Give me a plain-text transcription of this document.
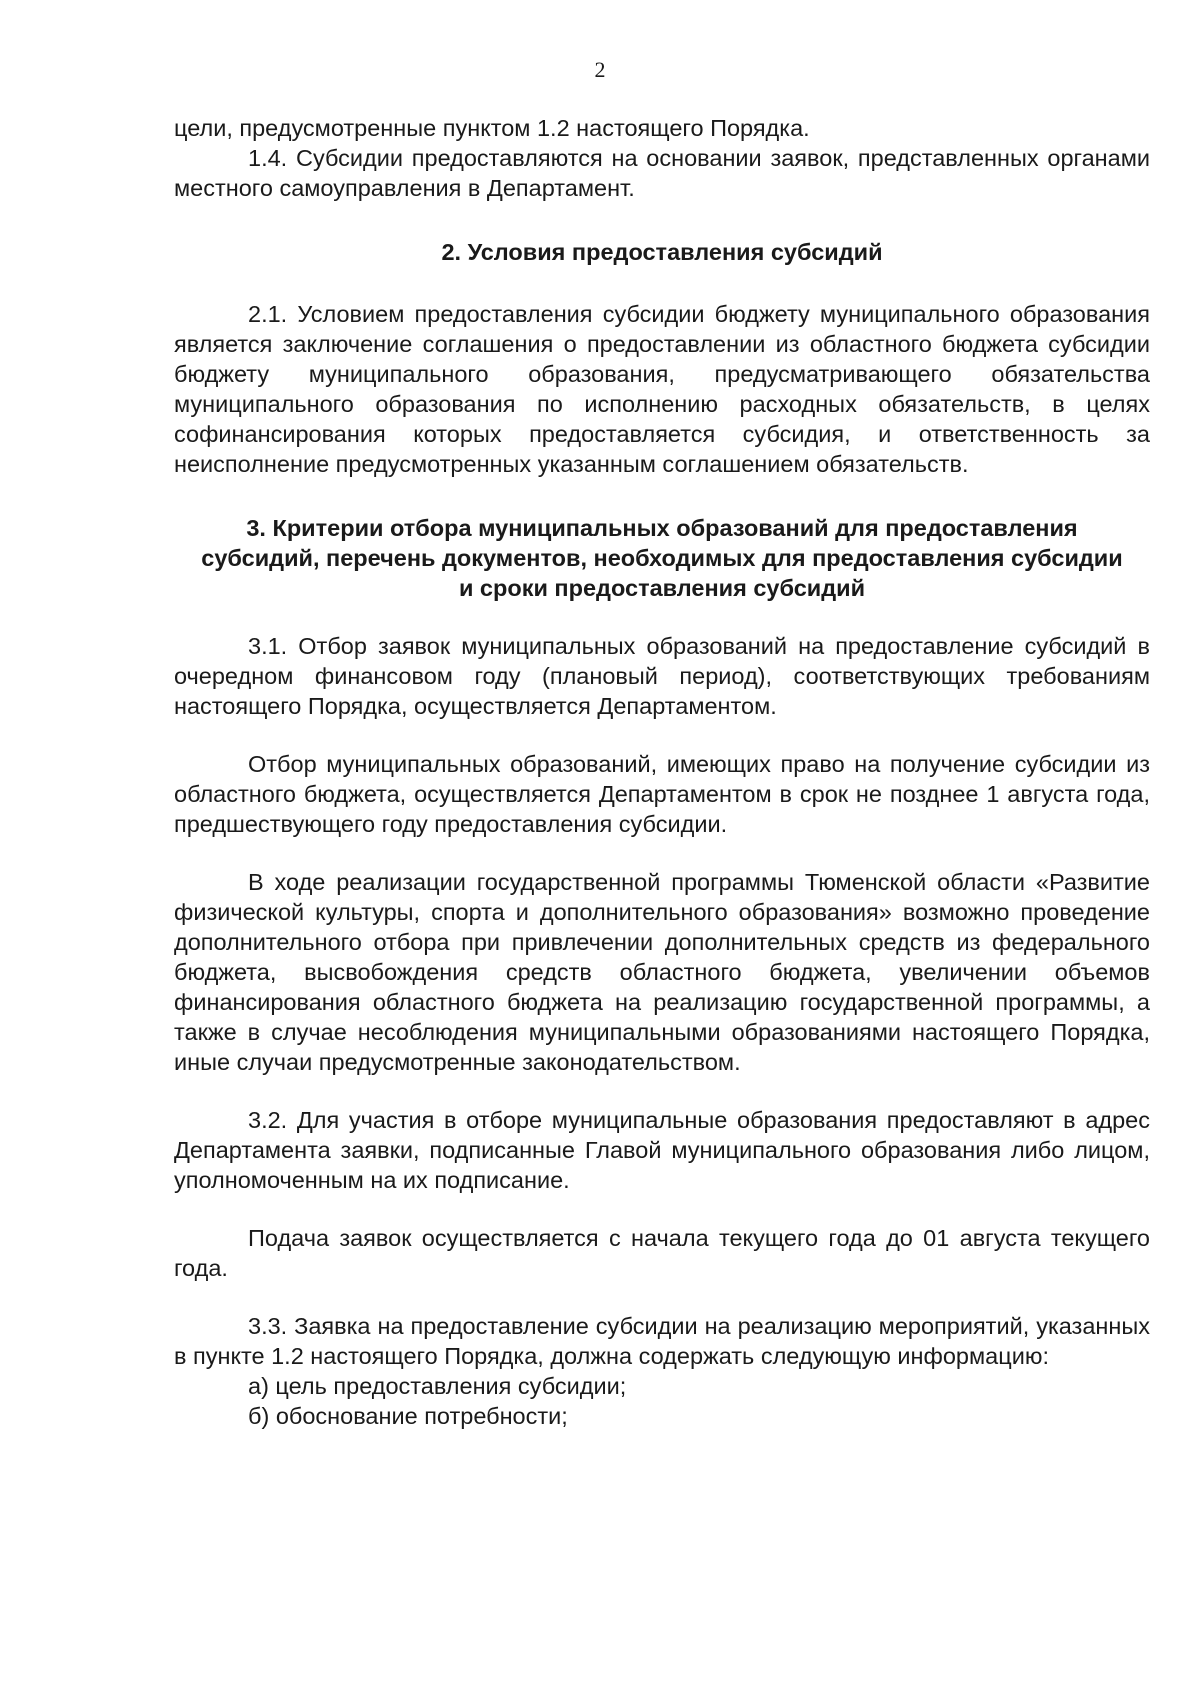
2

цели, предусмотренные пунктом 1.2 настоящего Порядка.

1.4. Субсидии предоставляются на основании заявок, представленных органами местного самоуправления в Департамент.

2. Условия предоставления субсидий

2.1. Условием предоставления субсидии бюджету муниципального образования является заключение соглашения о предоставлении из областного бюджета субсидии бюджету муниципального образования, предусматривающего обязательства муниципального образования по исполнению расходных обязательств, в целях софинансирования которых предоставляется субсидия, и ответственность за неисполнение предусмотренных указанным соглашением обязательств.

3. Критерии отбора муниципальных образований для предоставления субсидий, перечень документов, необходимых для предоставления субсидии и сроки предоставления субсидий

3.1. Отбор заявок муниципальных образований на предоставление субсидий в очередном финансовом году (плановый период), соответствующих требованиям настоящего Порядка, осуществляется Департаментом.

Отбор муниципальных образований, имеющих право на получение субсидии из областного бюджета, осуществляется Департаментом в срок не позднее 1 августа года, предшествующего году предоставления субсидии.

В ходе реализации государственной программы Тюменской области «Развитие физической культуры, спорта и дополнительного образования» возможно проведение дополнительного отбора при привлечении дополнительных средств из федерального бюджета, высвобождения средств областного бюджета, увеличении объемов финансирования областного бюджета на реализацию государственной программы, а также в случае несоблюдения муниципальными образованиями настоящего Порядка, иные случаи предусмотренные законодательством.

3.2. Для участия в отборе муниципальные образования предоставляют в адрес Департамента заявки, подписанные Главой муниципального образования либо лицом, уполномоченным на их подписание.

Подача заявок осуществляется с начала текущего года до 01 августа текущего года.

3.3. Заявка на предоставление субсидии на реализацию мероприятий, указанных в пункте 1.2 настоящего Порядка, должна содержать следующую информацию:

а) цель предоставления субсидии;

б) обоснование потребности;
